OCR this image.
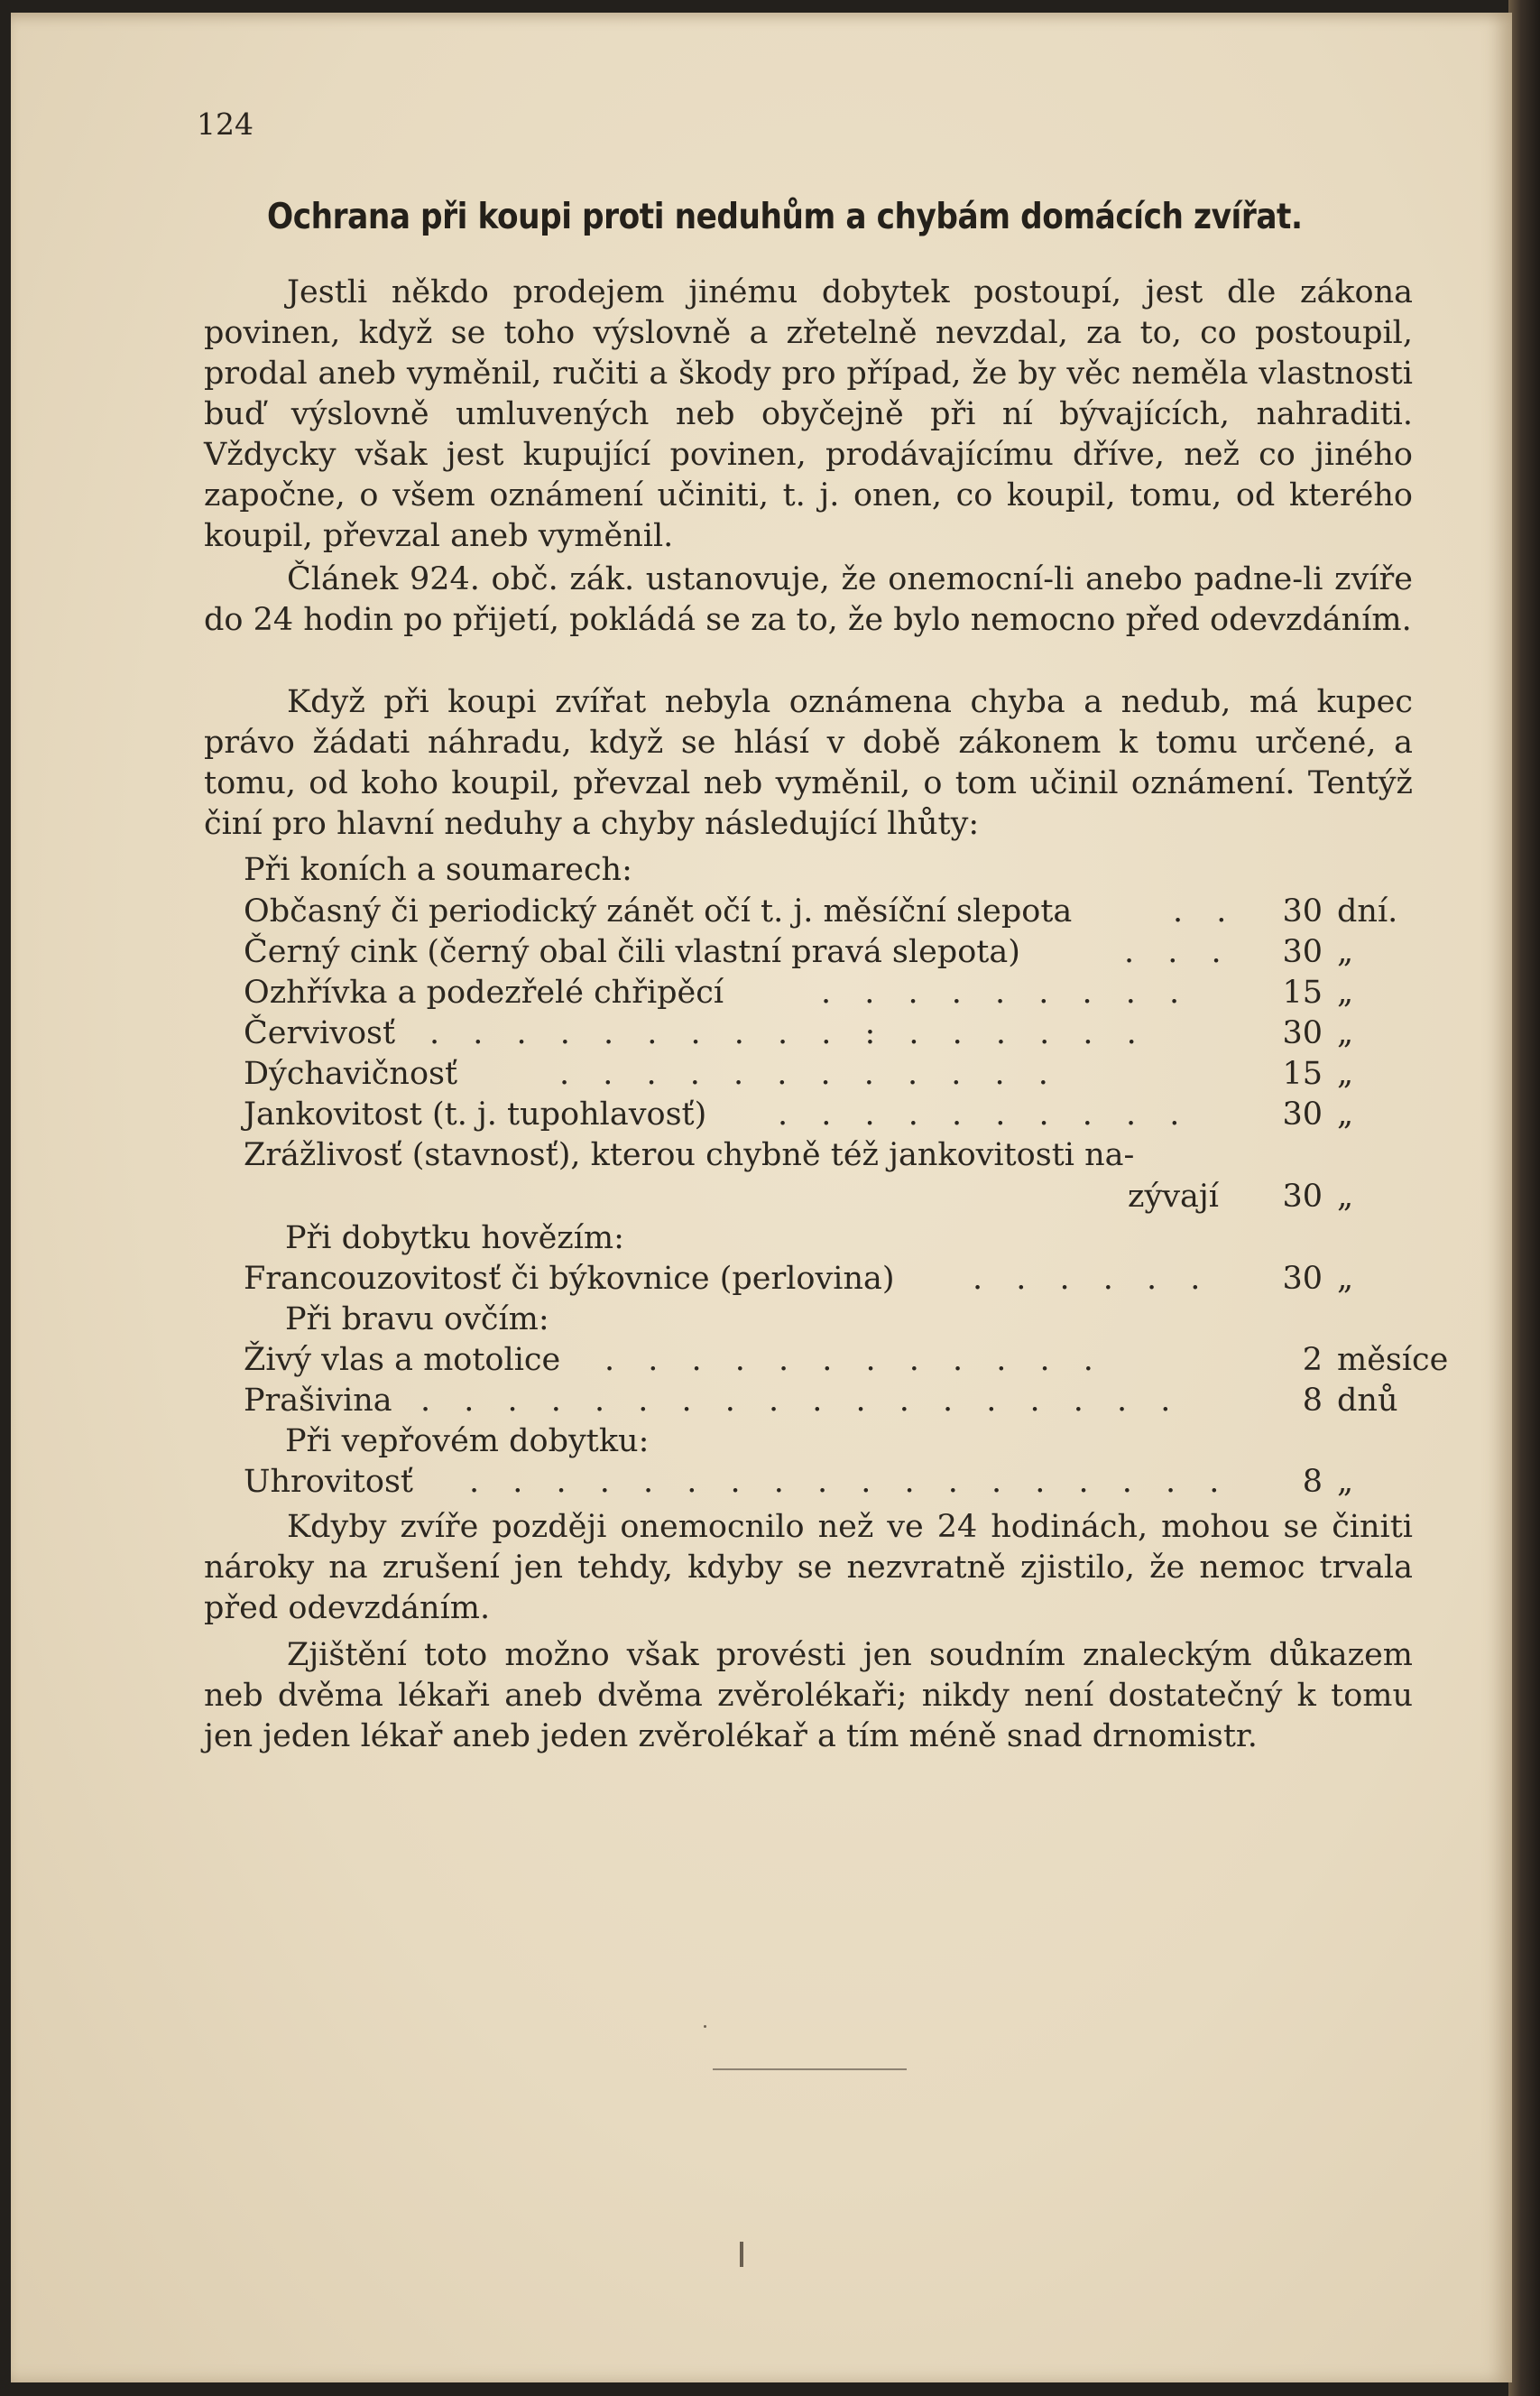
124
Ochrana při koupi proti neduhům a chybám domácích zvířat.
Jestli někdo prodejem jinému dobytek postoupí, jest dle zákona povinen, když se toho výslovně a zřetelně nevzdal, za to, co postoupil, prodal aneb vyměnil, ručiti a škody pro případ, že by věc neměla vlastnosti buď výslovně umluvených neb obyčejně při ní bývajících, nahraditi. Vždycky však jest kupující povinen, prodávajícímu dříve, než co jiného započne, o všem oznámení učiniti, t. j. onen, co koupil, tomu, od kterého koupil, převzal aneb vyměnil.
Článek 924. obč. zák. ustanovuje, že onemocní-li anebo padne-li zvíře do 24 hodin po přijetí, pokládá se za to, že bylo nemocno před odevzdáním.
Když při koupi zvířat nebyla oznámena chyba a nedub, má kupec právo žádati náhradu, když se hlásí v době zákonem k tomu určené, a tomu, od koho koupil, převzal neb vyměnil, o tom učinil oznámení. Tentýž činí pro hlavní neduhy a chyby následující lhůty:
Při koních a soumarech:
Občasný či periodický zánět očí t. j. měsíční slepota	. .	30 dní.
Černý cink (černý obal čili vlastní pravá slepota)	. . .	30 „
Ozhřívka a podezřelé chřipěcí	. . . . . . . . .	15 „
Červivosť . . . . . . . . . . : . . . . . .	30 „
Dýchavičnosť	. . . . . . . . . . . .	15 „
Jankovitost (t. j. tupohlavosť) . . . . . . . . . .	30 „
Zrážlivosť (stavnosť), kterou chybně též jankovitosti na-
zývají	30 „
Při dobytku hovězím:
Francouzovitosť či býkovnice (perlovina) . . . . . .	30 „
Při bravu ovčím:
Živý vlas a motolice . . . . . . . . . . . .	2 měsíce
Prašivina . . . . . . . . . . . . . . . . . .	8 dnů
Při vepřovém dobytku:
Uhrovitosť . . . . . . . . . . . . . . . . . .	8 „
Kdyby zvíře později onemocnilo než ve 24 hodinách, mohou se činiti nároky na zrušení jen tehdy, kdyby se nezvratně zjistilo, že nemoc trvala před odevzdáním.
Zjištění toto možno však provésti jen soudním znaleckým důkazem neb dvěma lékaři aneb dvěma zvěrolékaři; nikdy není dostatečný k tomu jen jeden lékař aneb jeden zvěrolékař a tím méně snad drnomistr.
